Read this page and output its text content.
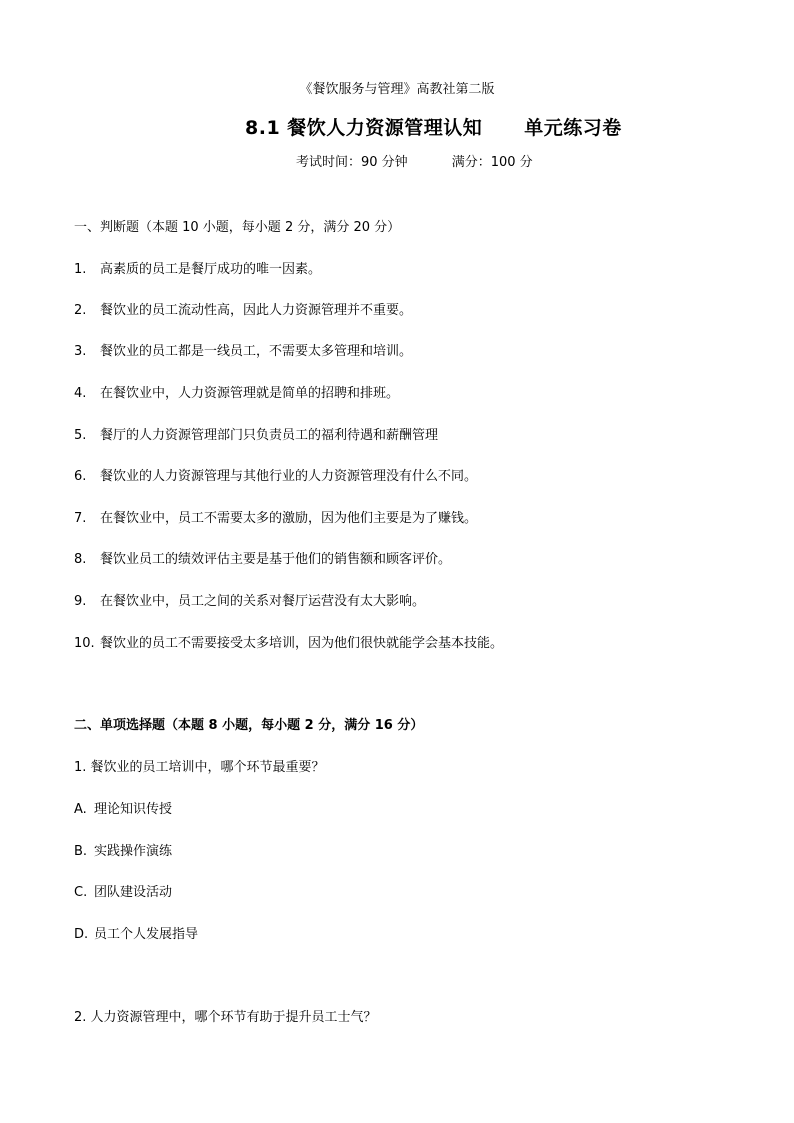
《餐饮服务与管理》高教社第二版
8.1 餐饮人力资源管理认知 单元练习卷
考试时间：90 分钟	满分：100 分
一、判断题（本题 10 小题，每小题 2 分，满分 20 分）
1. 高素质的员工是餐厅成功的唯一因素。
2. 餐饮业的员工流动性高，因此人力资源管理并不重要。
3. 餐饮业的员工都是一线员工，不需要太多管理和培训。
4. 在餐饮业中，人力资源管理就是简单的招聘和排班。
5. 餐厅的人力资源管理部门只负责员工的福利待遇和薪酬管理
6. 餐饮业的人力资源管理与其他行业的人力资源管理没有什么不同。
7. 在餐饮业中，员工不需要太多的激励，因为他们主要是为了赚钱。
8. 餐饮业员工的绩效评估主要是基于他们的销售额和顾客评价。
9. 在餐饮业中，员工之间的关系对餐厅运营没有太大影响。
10. 餐饮业的员工不需要接受太多培训，因为他们很快就能学会基本技能。
二、单项选择题（本题 8 小题，每小题 2 分，满分 16 分）
1. 餐饮业的员工培训中，哪个环节最重要？
A. 理论知识传授
B. 实践操作演练
C. 团队建设活动
D. 员工个人发展指导
2. 人力资源管理中，哪个环节有助于提升员工士气？
